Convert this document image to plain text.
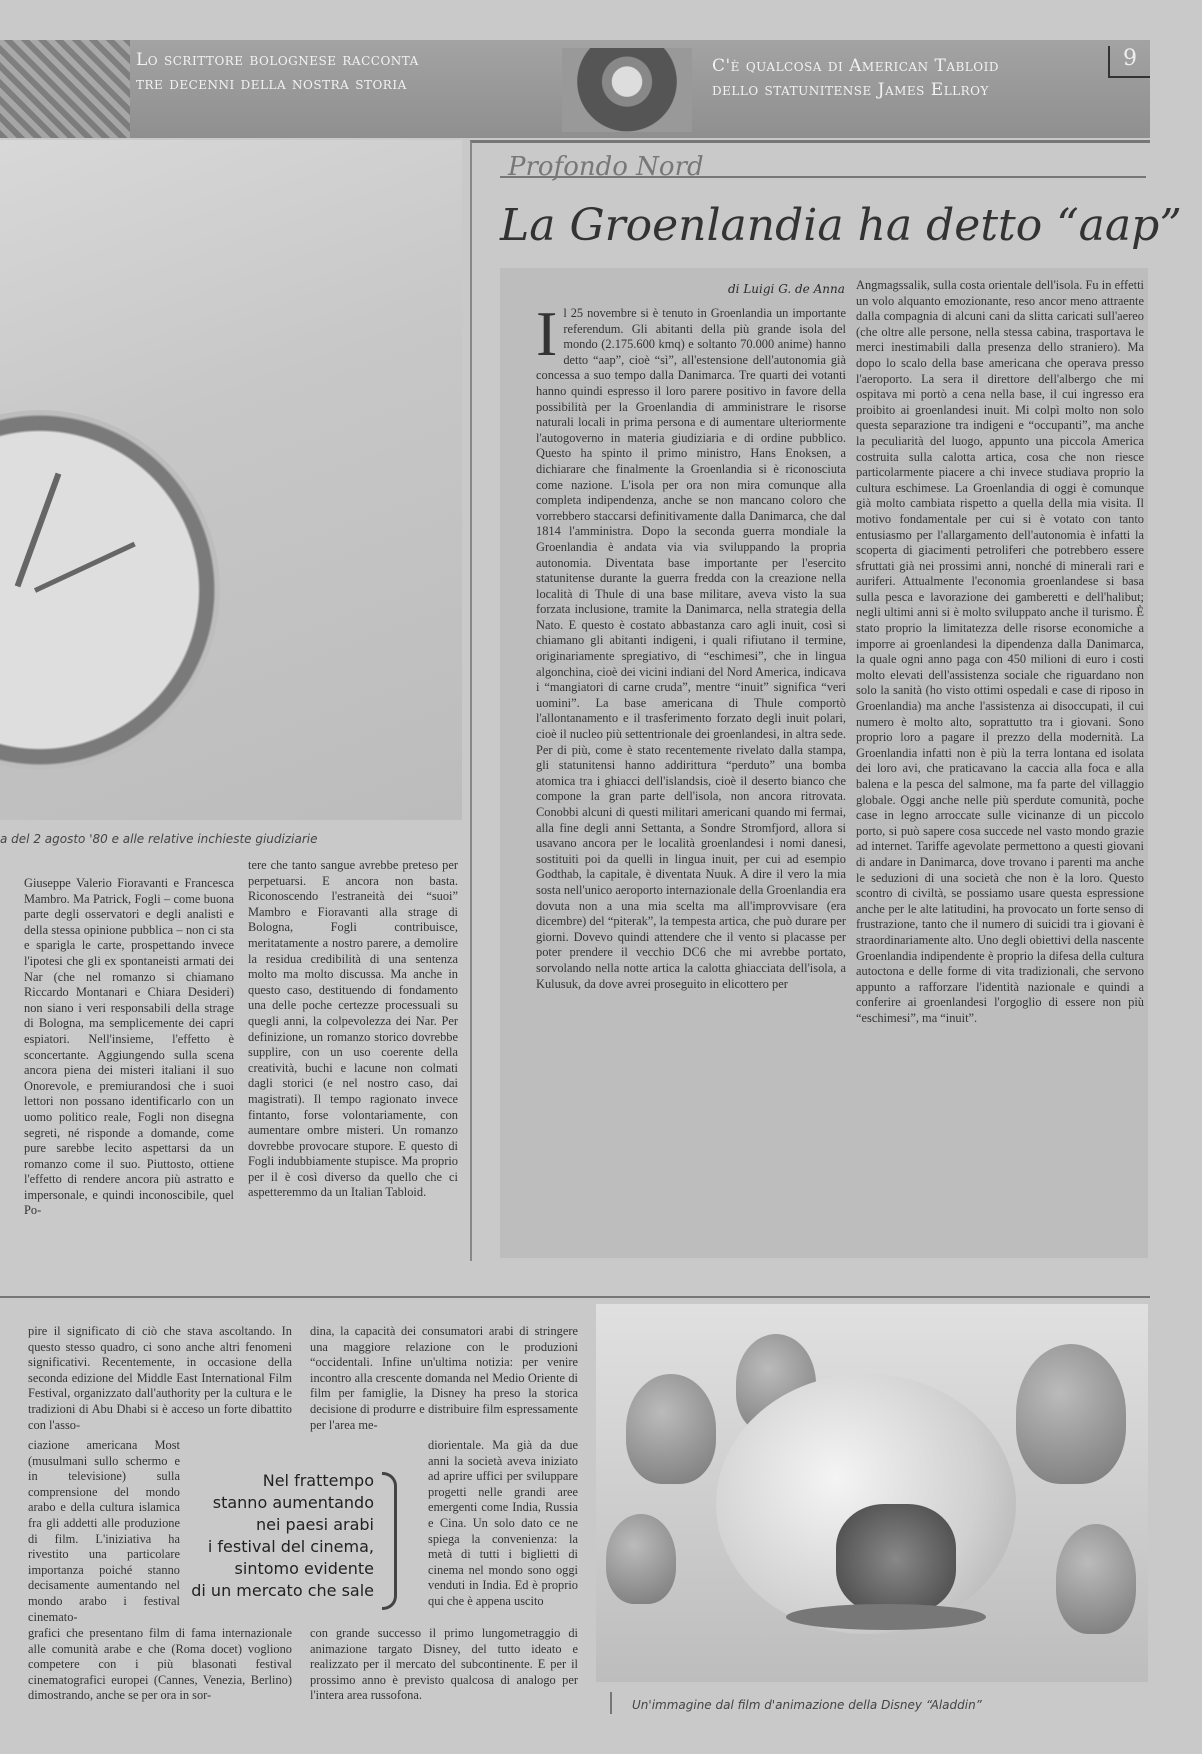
Lo scrittore bolognese racconta
tre decenni della nostra storia
C'è qualcosa di American Tabloid
dello statunitense James Ellroy
9
a del 2 agosto '80 e alle relative inchieste giudiziarie
Profondo Nord
La Groenlandia ha detto “aap”
di Luigi G. de Anna
Il 25 novembre si è tenuto in Groenlandia un importante referendum. Gli abitanti della più grande isola del mondo (2.175.600 kmq) e soltanto 70.000 anime) hanno detto “aap”, cioè “sì”, all'estensione dell'autonomia già concessa a suo tempo dalla Danimarca. Tre quarti dei votanti hanno quindi espresso il loro parere positivo in favore della possibilità per la Groenlandia di amministrare le risorse naturali locali in prima persona e di aumentare ulteriormente l'autogoverno in materia giudiziaria e di ordine pubblico. Questo ha spinto il primo ministro, Hans Enoksen, a dichiarare che finalmente la Groenlandia si è riconosciuta come nazione. L'isola per ora non mira comunque alla completa indipendenza, anche se non mancano coloro che vorrebbero staccarsi definitivamente dalla Danimarca, che dal 1814 l'amministra. Dopo la seconda guerra mondiale la Groenlandia è andata via via sviluppando la propria autonomia. Diventata base importante per l'esercito statunitense durante la guerra fredda con la creazione nella località di Thule di una base militare, aveva visto la sua forzata inclusione, tramite la Danimarca, nella strategia della Nato. E questo è costato abbastanza caro agli inuit, così si chiamano gli abitanti indigeni, i quali rifiutano il termine, originariamente spregiativo, di “eschimesi”, che in lingua algonchina, cioè dei vicini indiani del Nord America, indicava i “mangiatori di carne cruda”, mentre “inuit” significa “veri uomini”. La base americana di Thule comportò l'allontanamento e il trasferimento forzato degli inuit polari, cioè il nucleo più settentrionale dei groenlandesi, in altra sede. Per di più, come è stato recentemente rivelato dalla stampa, gli statunitensi hanno addirittura “perduto” una bomba atomica tra i ghiacci dell'islandsis, cioè il deserto bianco che compone la gran parte dell'isola, non ancora ritrovata. Conobbi alcuni di questi militari americani quando mi fermai, alla fine degli anni Settanta, a Sondre Stromfjord, allora si usavano ancora per le località groenlandesi i nomi danesi, sostituiti poi da quelli in lingua inuit, per cui ad esempio Godthab, la capitale, è diventata Nuuk. A dire il vero la mia sosta nell'unico aeroporto internazionale della Groenlandia era dovuta non a una mia scelta ma all'improvvisare (era dicembre) del “piterak”, la tempesta artica, che può durare per giorni. Dovevo quindi attendere che il vento si placasse per poter prendere il vecchio DC6 che mi avrebbe portato, sorvolando nella notte artica la calotta ghiacciata dell'isola, a Kulusuk, da dove avrei proseguito in elicottero per
Angmagssalik, sulla costa orientale dell'isola. Fu in effetti un volo alquanto emozionante, reso ancor meno attraente dalla compagnia di alcuni cani da slitta caricati sull'aereo (che oltre alle persone, nella stessa cabina, trasportava le merci inestimabili dalla presenza dello straniero). Ma dopo lo scalo della base americana che operava presso l'aeroporto. La sera il direttore dell'albergo che mi ospitava mi portò a cena nella base, il cui ingresso era proibito ai groenlandesi inuit. Mi colpì molto non solo questa separazione tra indigeni e “occupanti”, ma anche la peculiarità del luogo, appunto una piccola America costruita sulla calotta artica, cosa che non riesce particolarmente piacere a chi invece studiava proprio la cultura eschimese. La Groenlandia di oggi è comunque già molto cambiata rispetto a quella della mia visita. Il motivo fondamentale per cui si è votato con tanto entusiasmo per l'allargamento dell'autonomia è infatti la scoperta di giacimenti petroliferi che potrebbero essere sfruttati già nei prossimi anni, nonché di minerali rari e auriferi. Attualmente l'economia groenlandese si basa sulla pesca e lavorazione dei gamberetti e dell'halibut; negli ultimi anni si è molto sviluppato anche il turismo. È stato proprio la limitatezza delle risorse economiche a imporre ai groenlandesi la dipendenza dalla Danimarca, la quale ogni anno paga con 450 milioni di euro i costi molto elevati dell'assistenza sociale che riguardano non solo la sanità (ho visto ottimi ospedali e case di riposo in Groenlandia) ma anche l'assistenza ai disoccupati, il cui numero è molto alto, soprattutto tra i giovani. Sono proprio loro a pagare il prezzo della modernità. La Groenlandia infatti non è più la terra lontana ed isolata dei loro avi, che praticavano la caccia alla foca e alla balena e la pesca del salmone, ma fa parte del villaggio globale. Oggi anche nelle più sperdute comunità, poche case in legno arroccate sulle vicinanze di un piccolo porto, si può sapere cosa succede nel vasto mondo grazie ad internet. Tariffe agevolate permettono a questi giovani di andare in Danimarca, dove trovano i parenti ma anche le seduzioni di una società che non è la loro. Questo scontro di civiltà, se possiamo usare questa espressione anche per le alte latitudini, ha provocato un forte senso di frustrazione, tanto che il numero di suicidi tra i giovani è straordinariamente alto. Uno degli obiettivi della nascente Groenlandia indipendente è proprio la difesa della cultura autoctona e delle forme di vita tradizionali, che servono appunto a rafforzare l'identità nazionale e quindi a conferire ai groenlandesi l'orgoglio di essere non più “eschimesi”, ma “inuit”.
Giuseppe Valerio Fioravanti e Francesca Mambro. Ma Patrick, Fogli – come buona parte degli osservatori e degli analisti e della stessa opinione pubblica – non ci sta e sparigla le carte, prospettando invece l'ipotesi che gli ex spontaneisti armati dei Nar (che nel romanzo si chiamano Riccardo Montanari e Chiara Desideri) non siano i veri responsabili della strage di Bologna, ma semplicemente dei capri espiatori. Nell'insieme, l'effetto è sconcertante. Aggiungendo sulla scena ancora piena dei misteri italiani il suo Onorevole, e premiurandosi che i suoi lettori non possano identificarlo con un uomo politico reale, Fogli non disegna segreti, né risponde a domande, come pure sarebbe lecito aspettarsi da un romanzo come il suo. Piuttosto, ottiene l'effetto di rendere ancora più astratto e impersonale, e quindi inconoscibile, quel Po-
tere che tanto sangue avrebbe preteso per perpetuarsi. E ancora non basta. Riconoscendo l'estraneità dei “suoi” Mambro e Fioravanti alla strage di Bologna, Fogli contribuisce, meritatamente a nostro parere, a demolire la residua credibilità di una sentenza molto ma molto discussa. Ma anche in questo caso, destituendo di fondamento una delle poche certezze processuali su quegli anni, la colpevolezza dei Nar. Per definizione, un romanzo storico dovrebbe supplire, con un uso coerente della creatività, buchi e lacune non colmati dagli storici (e nel nostro caso, dai magistrati). Il tempo ragionato invece fintanto, forse volontariamente, con aumentare ombre misteri. Un romanzo dovrebbe provocare stupore. E questo di Fogli indubbiamente stupisce. Ma proprio per il è così diverso da quello che ci aspetteremmo da un Italian Tabloid.
pire il significato di ciò che stava ascoltando. In questo stesso quadro, ci sono anche altri fenomeni significativi. Recentemente, in occasione della seconda edizione del Middle East International Film Festival, organizzato dall'authority per la cultura e le tradizioni di Abu Dhabi si è acceso un forte dibattito con l'asso-
ciazione americana Most (musulmani sullo schermo e in televisione) sulla comprensione del mondo arabo e della cultura islamica fra gli addetti alle produzione di film. L'iniziativa ha rivestito una particolare importanza poiché stanno decisamente aumentando nel mondo arabo i festival cinemato-
grafici che presentano film di fama internazionale alle comunità arabe e che (Roma docet) vogliono competere con i più blasonati festival cinematografici europei (Cannes, Venezia, Berlino) dimostrando, anche se per ora in sor-
dina, la capacità dei consumatori arabi di stringere una maggiore relazione con le produzioni “occidentali. Infine un'ultima notizia: per venire incontro alla crescente domanda nel Medio Oriente di film per famiglie, la Disney ha preso la storica decisione di produrre e distribuire film espressamente per l'area me-
diorientale. Ma già da due anni la società aveva iniziato ad aprire uffici per sviluppare progetti nelle grandi aree emergenti come India, Russia e Cina. Un solo dato ce ne spiega la convenienza: la metà di tutti i biglietti di cinema nel mondo sono oggi venduti in India. Ed è proprio qui che è appena uscito
con grande successo il primo lungometraggio di animazione targato Disney, del tutto ideato e realizzato per il mercato del subcontinente. E per il prossimo anno è previsto qualcosa di analogo per l'intera area russofona.
Nel frattempo
stanno aumentando
nei paesi arabi
i festival del cinema,
sintomo evidente
di un mercato che sale
Un'immagine dal film d'animazione della Disney “Aladdin”
